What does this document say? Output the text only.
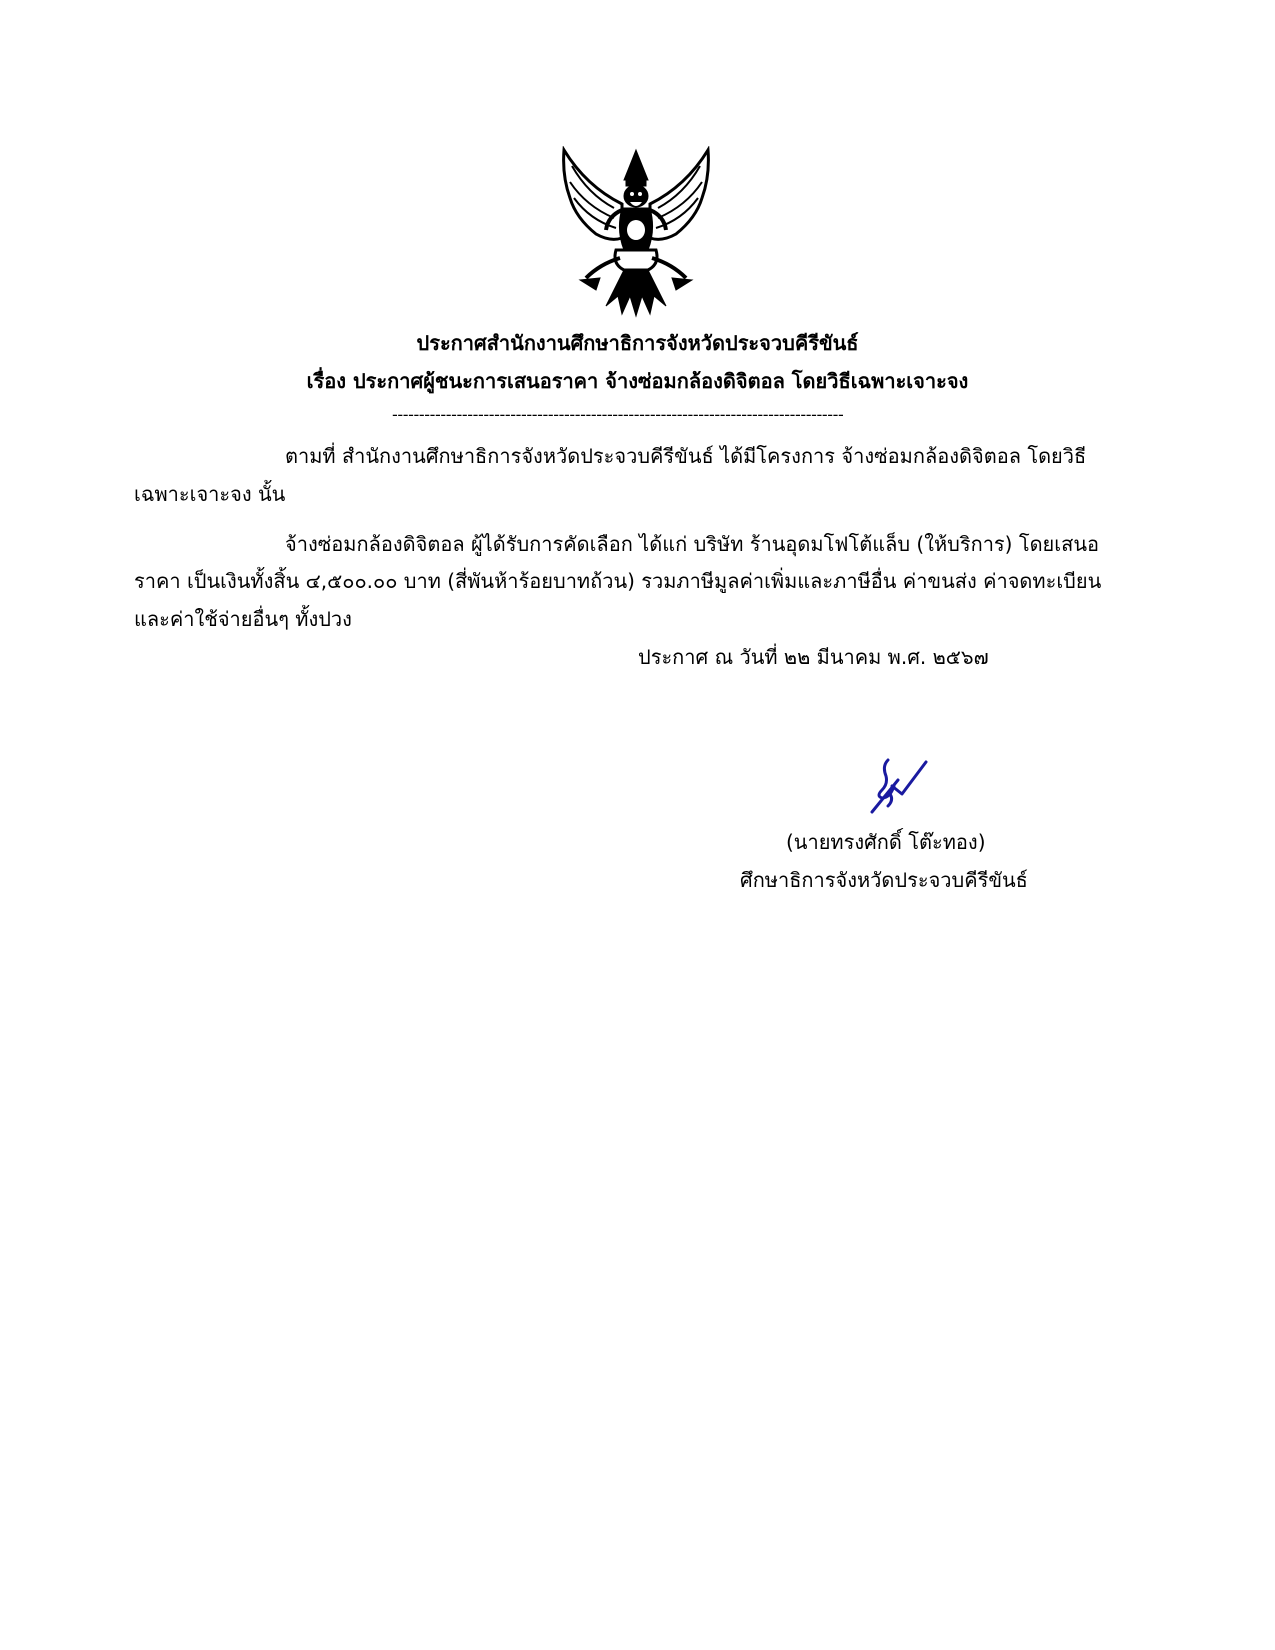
ประกาศสำนักงานศึกษาธิการจังหวัดประจวบคีรีขันธ์
เรื่อง ประกาศผู้ชนะการเสนอราคา จ้างซ่อมกล้องดิจิตอล โดยวิธีเฉพาะเจาะจง
------------------------------------------------------------------------------------
ตามที่ สำนักงานศึกษาธิการจังหวัดประจวบคีรีขันธ์ ได้มีโครงการ จ้างซ่อมกล้องดิจิตอล โดยวิธี
เฉพาะเจาะจง นั้น
จ้างซ่อมกล้องดิจิตอล ผู้ได้รับการคัดเลือก ได้แก่ บริษัท ร้านอุดมโฟโต้แล็บ (ให้บริการ) โดยเสนอ
ราคา เป็นเงินทั้งสิ้น ๔,๕๐๐.๐๐ บาท (สี่พันห้าร้อยบาทถ้วน) รวมภาษีมูลค่าเพิ่มและภาษีอื่น ค่าขนส่ง ค่าจดทะเบียน
และค่าใช้จ่ายอื่นๆ ทั้งปวง
ประกาศ ณ วันที่ ๒๒ มีนาคม พ.ศ. ๒๕๖๗
(นายทรงศักดิ์ โต๊ะทอง)
ศึกษาธิการจังหวัดประจวบคีรีขันธ์
